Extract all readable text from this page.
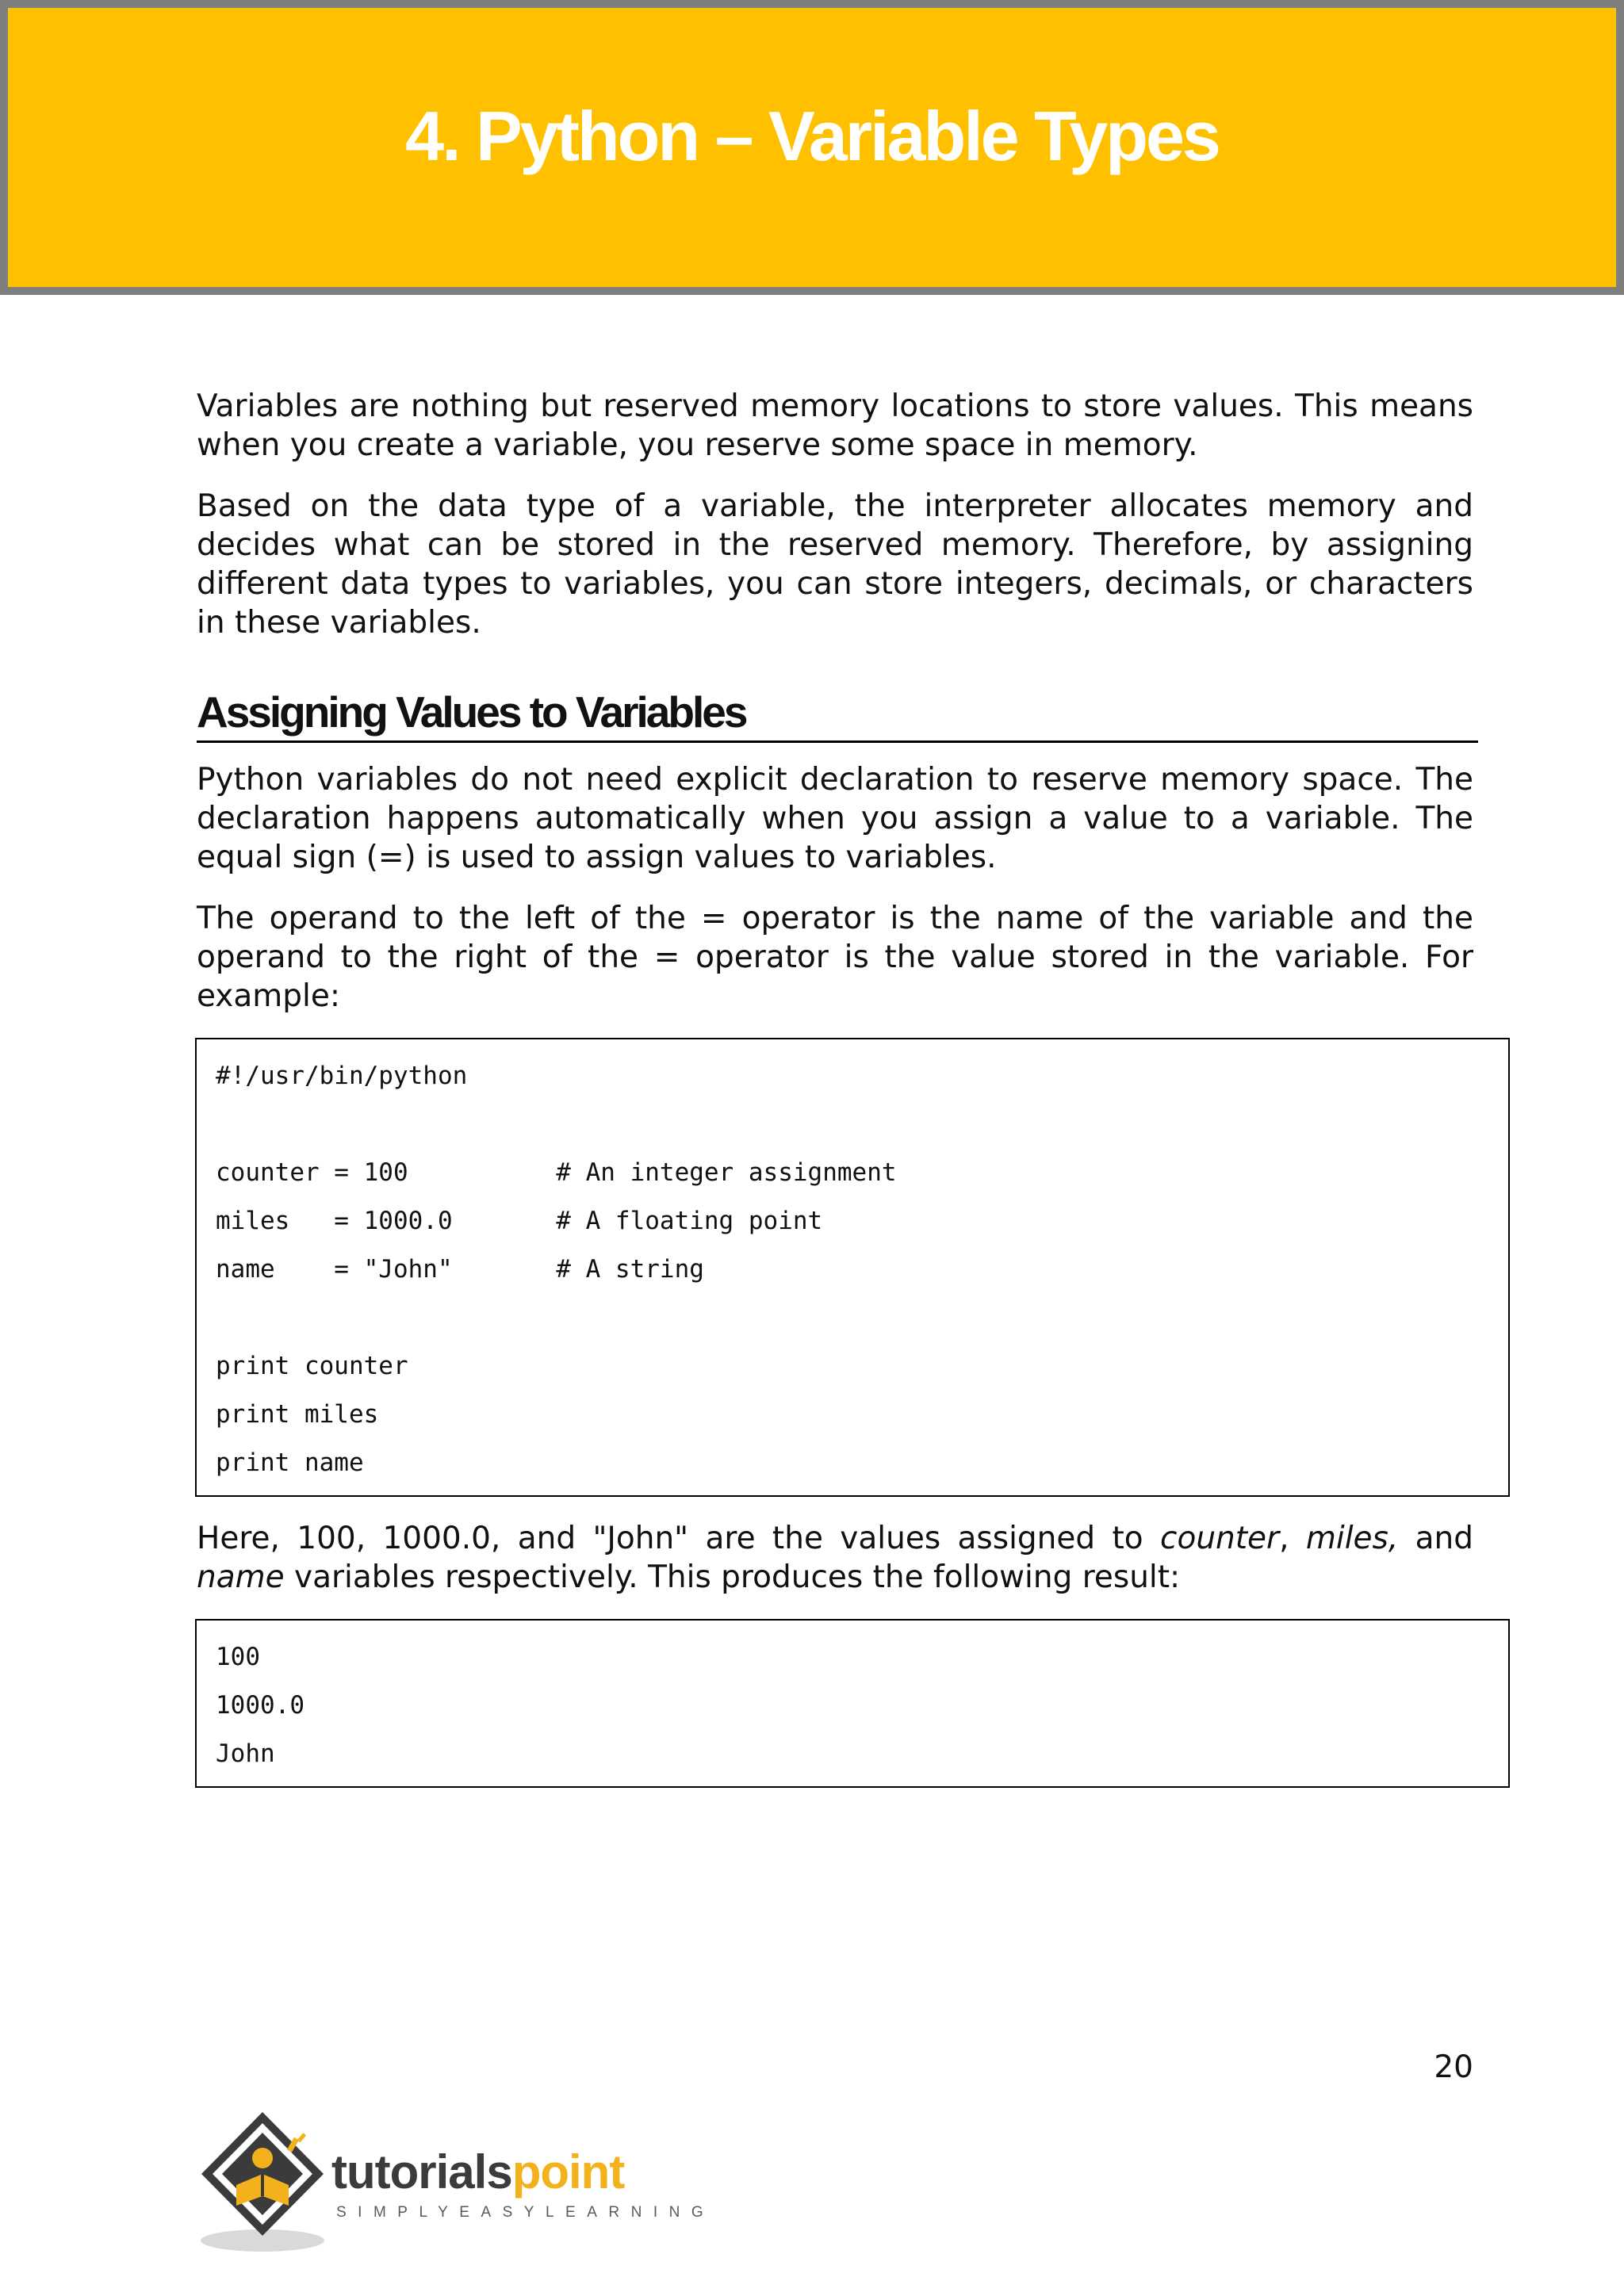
4. Python – Variable Types

Variables are nothing but reserved memory locations to store values. This means when you create a variable, you reserve some space in memory.

Based on the data type of a variable, the interpreter allocates memory and decides what can be stored in the reserved memory. Therefore, by assigning different data types to variables, you can store integers, decimals, or characters in these variables.

Assigning Values to Variables

Python variables do not need explicit declaration to reserve memory space. The declaration happens automatically when you assign a value to a variable. The equal sign (=) is used to assign values to variables.

The operand to the left of the = operator is the name of the variable and the operand to the right of the = operator is the value stored in the variable. For example:

#!/usr/bin/python
counter = 100          # An integer assignment
miles   = 1000.0       # A floating point
name    = "John"       # A string
print counter
print miles
print name

Here, 100, 1000.0, and "John" are the values assigned to counter, miles, and name variables respectively. This produces the following result:

100
1000.0
John
20
tutorialspoint
SIMPLYEASYLEARNING
